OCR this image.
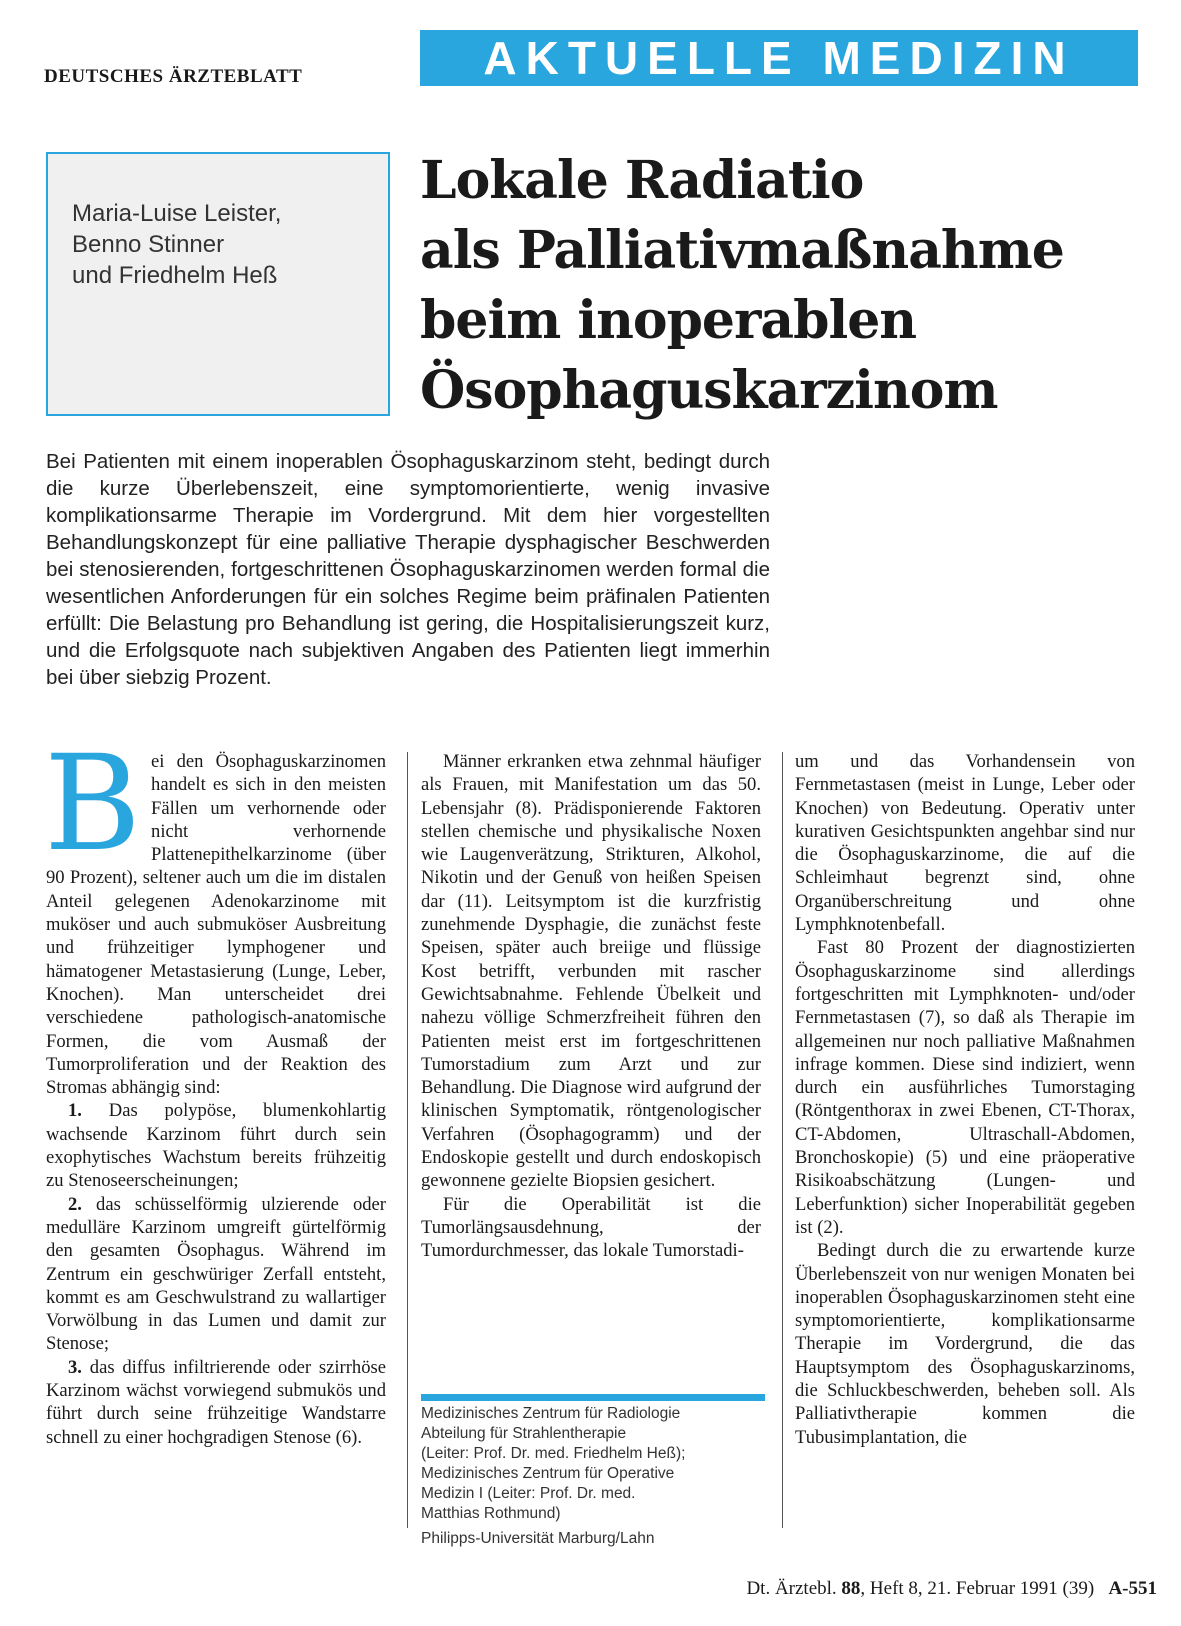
DEUTSCHES ÄRZTEBLATT	AKTUELLE MEDIZIN
Maria-Luise Leister,
Benno Stinner
und Friedhelm Heß
Lokale Radiatio
als Palliativmaßnahme
beim inoperablen
Ösophaguskarzinom
Bei Patienten mit einem inoperablen Ösophaguskarzinom steht, bedingt durch die kurze Überlebenszeit, eine symptomorientierte, wenig invasive komplikationsarme Therapie im Vordergrund. Mit dem hier vorgestellten Behandlungskonzept für eine palliative Therapie dysphagischer Beschwerden bei stenosierenden, fortgeschrittenen Ösophaguskarzinomen werden formal die wesentlichen Anforderungen für ein solches Regime beim präfinalen Patienten erfüllt: Die Belastung pro Behandlung ist gering, die Hospitalisierungszeit kurz, und die Erfolgsquote nach subjektiven Angaben des Patienten liegt immerhin bei über siebzig Prozent.

Bei den Ösophaguskarzinomen handelt es sich in den meisten Fällen um verhornende oder nicht verhornende Plattenepithelkarzinome (über 90 Prozent), seltener auch um die im distalen Anteil gelegenen Adenokarzinome mit muköser und auch submuköser Ausbreitung und frühzeitiger lymphogener und hämatogener Metastasierung (Lunge, Leber, Knochen). Man unterscheidet drei verschiedene pathologisch-anatomische Formen, die vom Ausmaß der Tumorproliferation und der Reaktion des Stromas abhängig sind:

1. Das polypöse, blumenkohlartig wachsende Karzinom führt durch sein exophytisches Wachstum bereits frühzeitig zu Stenoseerscheinungen;

2. das schüsselförmig ulzierende oder medulläre Karzinom umgreift gürtelförmig den gesamten Ösophagus. Während im Zentrum ein geschwüriger Zerfall entsteht, kommt es am Geschwulstrand zu wallartiger Vorwölbung in das Lumen und damit zur Stenose;

3. das diffus infiltrierende oder szirrhöse Karzinom wächst vorwiegend submukös und führt durch seine frühzeitige Wandstarre schnell zu einer hochgradigen Stenose (6).

Männer erkranken etwa zehnmal häufiger als Frauen, mit Manifestation um das 50. Lebensjahr (8). Prädisponierende Faktoren stellen chemische und physikalische Noxen wie Laugenverätzung, Strikturen, Alkohol, Nikotin und der Genuß von heißen Speisen dar (11). Leitsymptom ist die kurzfristig zunehmende Dysphagie, die zunächst feste Speisen, später auch breiige und flüssige Kost betrifft, verbunden mit rascher Gewichtsabnahme. Fehlende Übelkeit und nahezu völlige Schmerzfreiheit führen den Patienten meist erst im fortgeschrittenen Tumorstadium zum Arzt und zur Behandlung. Die Diagnose wird aufgrund der klinischen Symptomatik, röntgenologischer Verfahren (Ösophagogramm) und der Endoskopie gestellt und durch endoskopisch gewonnene gezielte Biopsien gesichert.

Für die Operabilität ist die Tumorlängsausdehnung, der Tumordurchmesser, das lokale Tumorstadi-

Medizinisches Zentrum für Radiologie
Abteilung für Strahlentherapie
(Leiter: Prof. Dr. med. Friedhelm Heß);
Medizinisches Zentrum für Operative
Medizin I (Leiter: Prof. Dr. med.
Matthias Rothmund)
Philipps-Universität Marburg/Lahn

um und das Vorhandensein von Fernmetastasen (meist in Lunge, Leber oder Knochen) von Bedeutung. Operativ unter kurativen Gesichtspunkten angehbar sind nur die Ösophaguskarzinome, die auf die Schleimhaut begrenzt sind, ohne Organüberschreitung und ohne Lymphknotenbefall.

Fast 80 Prozent der diagnostizierten Ösophaguskarzinome sind allerdings fortgeschritten mit Lymphknoten- und/oder Fernmetastasen (7), so daß als Therapie im allgemeinen nur noch palliative Maßnahmen infrage kommen. Diese sind indiziert, wenn durch ein ausführliches Tumorstaging (Röntgenthorax in zwei Ebenen, CT-Thorax, CT-Abdomen, Ultraschall-Abdomen, Bronchoskopie) (5) und eine präoperative Risikoabschätzung (Lungen- und Leberfunktion) sicher Inoperabilität gegeben ist (2).

Bedingt durch die zu erwartende kurze Überlebenszeit von nur wenigen Monaten bei inoperablen Ösophaguskarzinomen steht eine symptomorientierte, komplikationsarme Therapie im Vordergrund, die das Hauptsymptom des Ösophaguskarzinoms, die Schluckbeschwerden, beheben soll. Als Palliativtherapie kommen die Tubusimplantation, die

Dt. Ärztebl. 88, Heft 8, 21. Februar 1991 (39) A-551
